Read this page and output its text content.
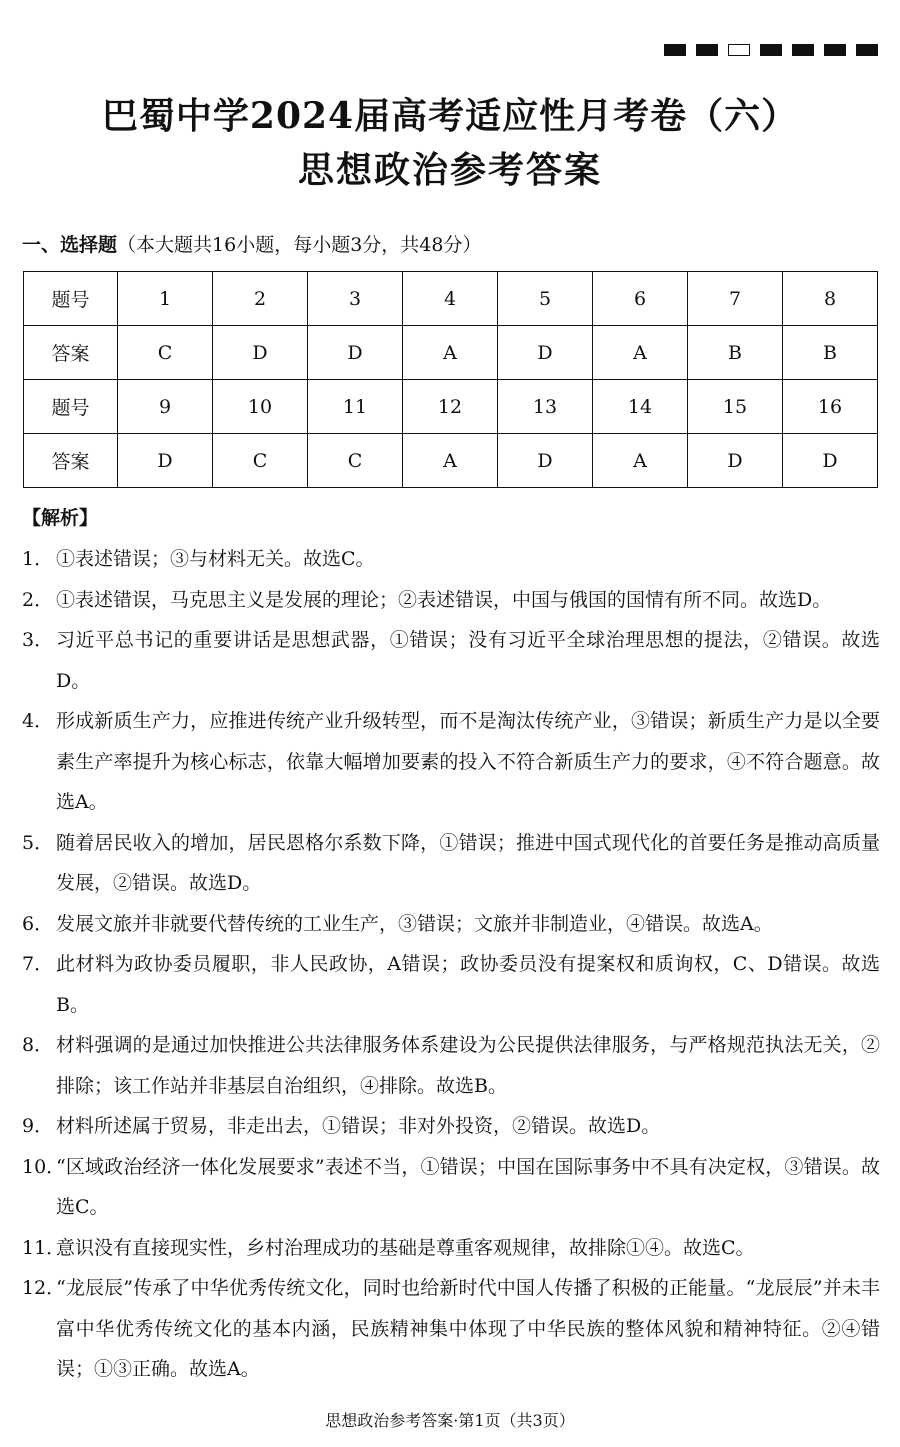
巴蜀中学2024届高考适应性月考卷（六）
思想政治参考答案
一、选择题（本大题共16小题，每小题3分，共48分）
题号	1	2	3	4	5	6	7	8
答案	C	D	D	A	D	A	B	B
题号	9	10	11	12	13	14	15	16
答案	D	C	C	A	D	A	D	D
【解析】
1． ①表述错误；③与材料无关。故选C。
2． ①表述错误，马克思主义是发展的理论；②表述错误，中国与俄国的国情有所不同。故选D。
3． 习近平总书记的重要讲话是思想武器，①错误；没有习近平全球治理思想的提法，②错误。故选D。
4． 形成新质生产力，应推进传统产业升级转型，而不是淘汰传统产业，③错误；新质生产力是以全要素生产率提升为核心标志，依靠大幅增加要素的投入不符合新质生产力的要求，④不符合题意。故选A。
5． 随着居民收入的增加，居民恩格尔系数下降，①错误；推进中国式现代化的首要任务是推动高质量发展，②错误。故选D。
6． 发展文旅并非就要代替传统的工业生产，③错误；文旅并非制造业，④错误。故选A。
7． 此材料为政协委员履职，非人民政协，A错误；政协委员没有提案权和质询权，C、D错误。故选B。
8． 材料强调的是通过加快推进公共法律服务体系建设为公民提供法律服务，与严格规范执法无关，②排除；该工作站并非基层自治组织，④排除。故选B。
9． 材料所述属于贸易，非走出去，①错误；非对外投资，②错误。故选D。
10．
“区域政治经济一体化发展要求”表述不当，①错误；中国在国际事务中不具有决定权，③错误。故选C。
11．
意识没有直接现实性，乡村治理成功的基础是尊重客观规律，故排除①④。故选C。
12．
“龙辰辰”传承了中华优秀传统文化，同时也给新时代中国人传播了积极的正能量。“龙辰辰”并未丰富中华优秀传统文化的基本内涵，民族精神集中体现了中华民族的整体风貌和精神特征。②④错误；①③正确。故选A。
思想政治参考答案·第1页（共3页）
